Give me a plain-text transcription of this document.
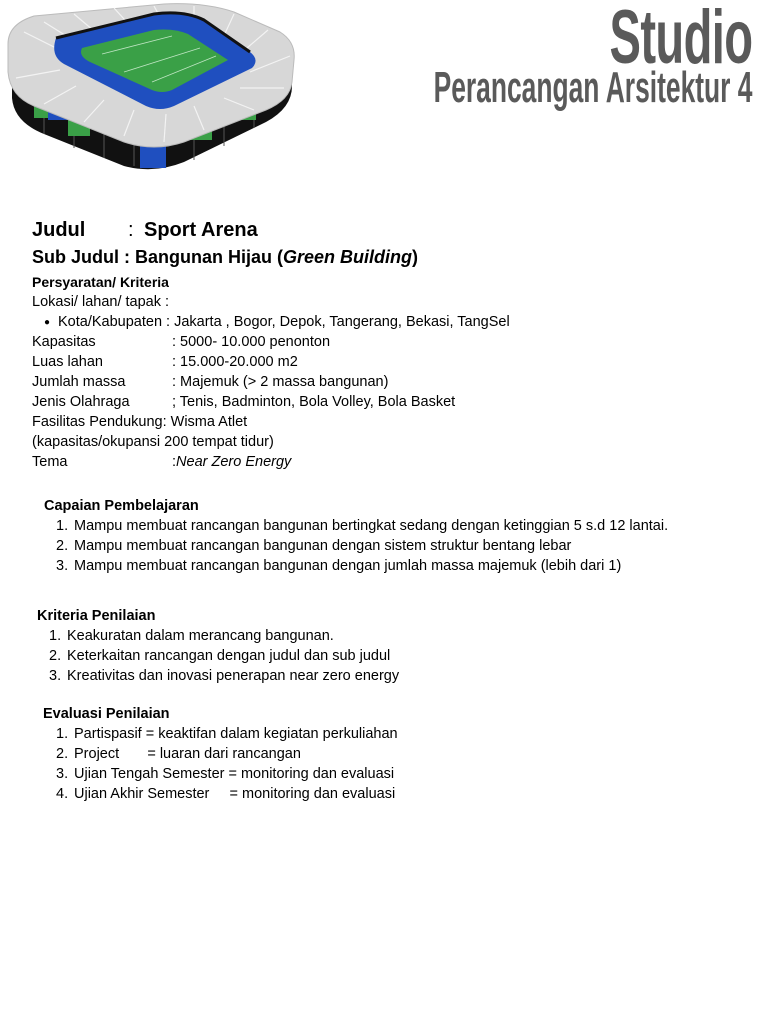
Studio
Perancangan Arsitektur 4
Judul	: Sport Arena
Sub Judul : Bangunan Hijau (Green Building)
Persyaratan/ Kriteria
Lokasi/ lahan/ tapak :
● Kota/Kabupaten : Jakarta , Bogor, Depok, Tangerang, Bekasi, TangSel
Kapasitas	: 5000- 10.000 penonton
Luas lahan	: 15.000-20.000 m2
Jumlah massa	: Majemuk (> 2 massa bangunan)
Jenis Olahraga	; Tenis, Badminton, Bola Volley, Bola Basket
Fasilitas Pendukung: Wisma Atlet
(kapasitas/okupansi 200 tempat tidur)
Tema	: Near Zero Energy
Capaian Pembelajaran
1. Mampu membuat rancangan bangunan bertingkat sedang dengan ketinggian 5 s.d 12 lantai.
2. Mampu membuat rancangan bangunan dengan sistem struktur bentang lebar
3. Mampu membuat rancangan bangunan dengan jumlah massa majemuk (lebih dari 1)
Kriteria Penilaian
1. Keakuratan dalam merancang bangunan.
2. Keterkaitan rancangan dengan judul dan sub judul
3. Kreativitas dan inovasi penerapan near zero energy
Evaluasi Penilaian
1. Partispasif = keaktifan dalam kegiatan perkuliahan
2. Project       = luaran dari rancangan
3. Ujian Tengah Semester = monitoring dan evaluasi
4. Ujian Akhir Semester     = monitoring dan evaluasi
